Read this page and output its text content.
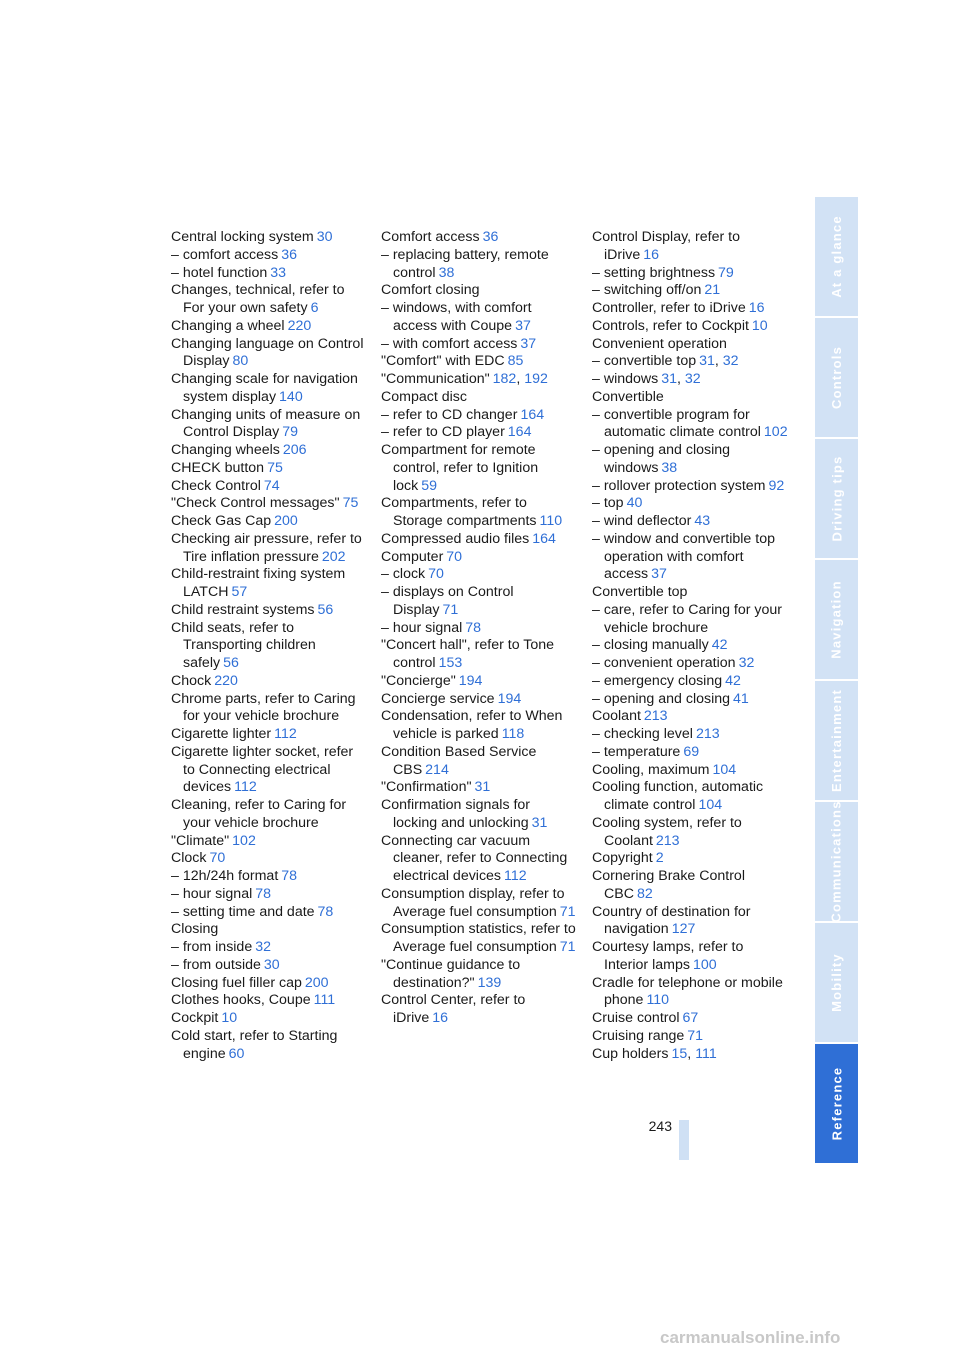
Central locking system 30

– comfort access 36

– hotel function 33

Changes, technical, refer to For your own safety 6

Changing a wheel 220

Changing language on Control Display 80

Changing scale for navigation system display 140

Changing units of measure on Control Display 79

Changing wheels 206

CHECK button 75

Check Control 74

"Check Control messages" 75

Check Gas Cap 200

Checking air pressure, refer to Tire inflation pressure 202

Child-restraint fixing system LATCH 57

Child restraint systems 56

Child seats, refer to Transporting children safely 56

Chock 220

Chrome parts, refer to Caring for your vehicle brochure

Cigarette lighter 112

Cigarette lighter socket, refer to Connecting electrical devices 112

Cleaning, refer to Caring for your vehicle brochure

"Climate" 102

Clock 70

– 12h/24h format 78

– hour signal 78

– setting time and date 78

Closing

– from inside 32

– from outside 30

Closing fuel filler cap 200

Clothes hooks, Coupe 111

Cockpit 10

Cold start, refer to Starting engine 60

Comfort access 36

– replacing battery, remote control 38

Comfort closing

– windows, with comfort access with Coupe 37

– with comfort access 37

"Comfort" with EDC 85

"Communication" 182, 192

Compact disc

– refer to CD changer 164

– refer to CD player 164

Compartment for remote control, refer to Ignition lock 59

Compartments, refer to Storage compartments 110

Compressed audio files 164

Computer 70

– clock 70

– displays on Control Display 71

– hour signal 78

"Concert hall", refer to Tone control 153

"Concierge" 194

Concierge service 194

Condensation, refer to When vehicle is parked 118

Condition Based Service CBS 214

"Confirmation" 31

Confirmation signals for locking and unlocking 31

Connecting car vacuum cleaner, refer to Connecting electrical devices 112

Consumption display, refer to Average fuel consumption 71

Consumption statistics, refer to Average fuel consumption 71

"Continue guidance to destination?" 139

Control Center, refer to iDrive 16

Control Display, refer to iDrive 16

– setting brightness 79

– switching off/on 21

Controller, refer to iDrive 16

Controls, refer to Cockpit 10

Convenient operation

– convertible top 31, 32

– windows 31, 32

Convertible

– convertible program for automatic climate control 102

– opening and closing windows 38

– rollover protection system 92

– top 40

– wind deflector 43

– window and convertible top operation with comfort access 37

Convertible top

– care, refer to Caring for your vehicle brochure

– closing manually 42

– convenient operation 32

– emergency closing 42

– opening and closing 41

Coolant 213

– checking level 213

– temperature 69

Cooling, maximum 104

Cooling function, automatic climate control 104

Cooling system, refer to Coolant 213

Copyright 2

Cornering Brake Control CBC 82

Country of destination for navigation 127

Courtesy lamps, refer to Interior lamps 100

Cradle for telephone or mobile phone 110

Cruise control 67

Cruising range 71

Cup holders 15, 111

243
At a glance
Controls
Driving tips
Navigation
Entertainment
Communications
Mobility
Reference
carmanualsonline.info
